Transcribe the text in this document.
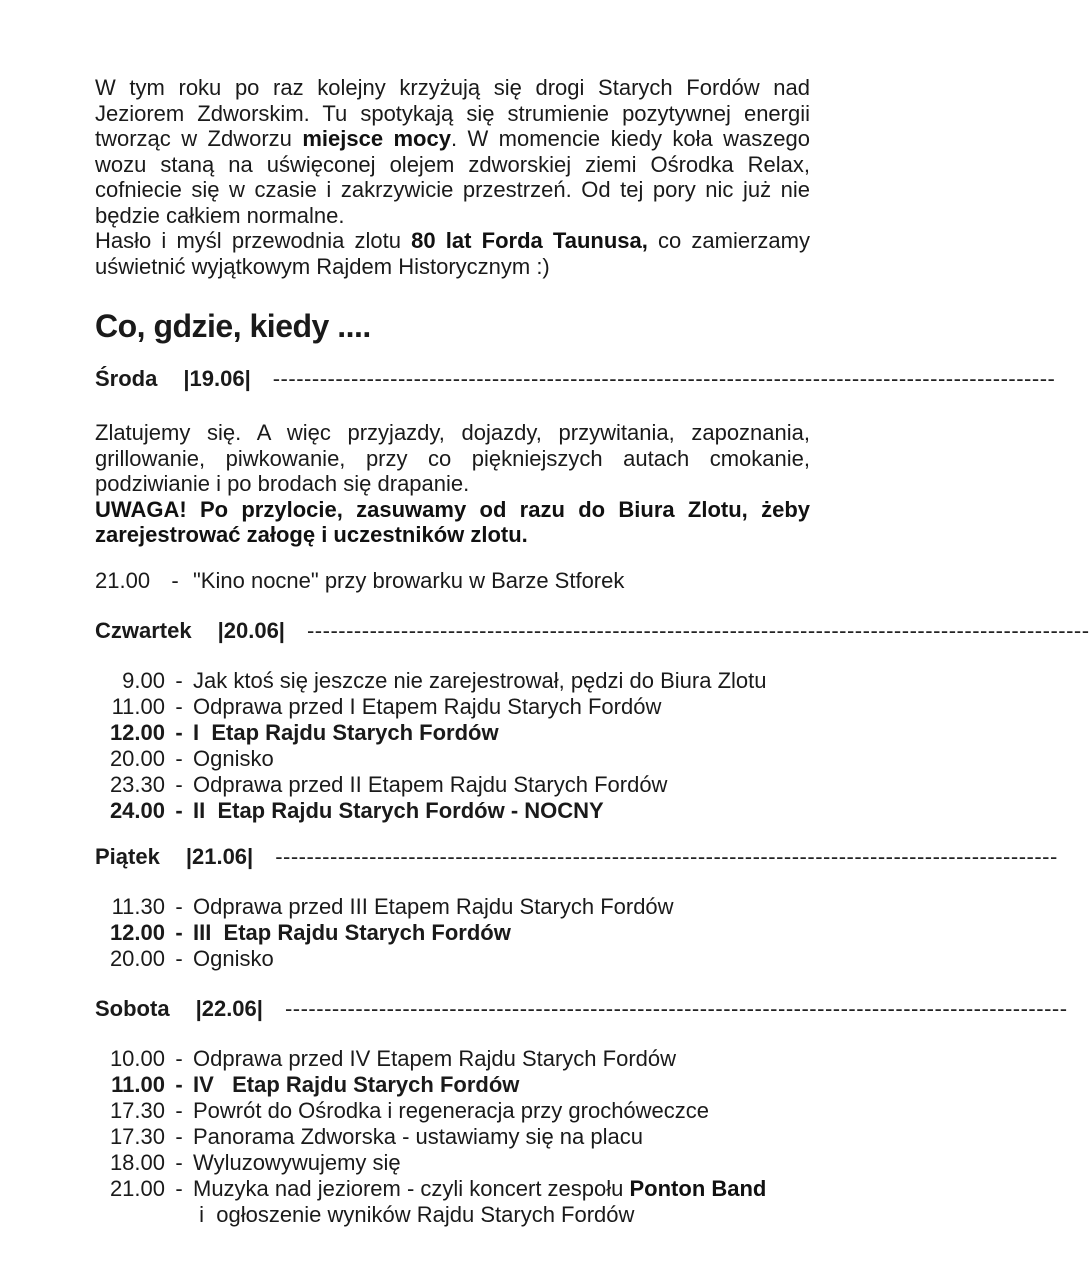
W tym roku po raz kolejny krzyżują się drogi Starych Fordów nad Jeziorem Zdworskim. Tu spotykają się strumienie pozytywnej energii tworząc w Zdworzu miejsce mocy. W momencie kiedy koła waszego wozu staną na uświęconej olejem zdworskiej ziemi Ośrodka Relax, cofniecie się w czasie i zakrzywicie przestrzeń. Od tej pory nic już nie będzie całkiem normalne.

Hasło i myśl przewodnia zlotu 80 lat Forda Taunusa, co zamierzamy uświetnić wyjątkowym Rajdem Historycznym :)

Co, gdzie, kiedy ....
Środa |19.06| ----------------------------------------------------------------------------------------------------

Zlatujemy się. A więc przyjazdy, dojazdy, przywitania, zapoznania, grillowanie, piwkowanie, przy co piękniejszych autach cmokanie, podziwianie i po brodach się drapanie.

UWAGA! Po przylocie, zasuwamy od razu do Biura Zlotu, żeby zarejestrować załogę i uczestników zlotu.

21.00 - "Kino nocne" przy browarku w Barze Stforek
Czwartek |20.06| ----------------------------------------------------------------------------------------------------
9.00 - Jak ktoś się jeszcze nie zarejestrował, pędzi do Biura Zlotu
11.00 - Odprawa przed I Etapem Rajdu Starych Fordów
12.00 - I  Etap Rajdu Starych Fordów
20.00 - Ognisko
23.30 - Odprawa przed II Etapem Rajdu Starych Fordów
24.00 - II  Etap Rajdu Starych Fordów - NOCNY
Piątek |21.06| ----------------------------------------------------------------------------------------------------
11.30 - Odprawa przed III Etapem Rajdu Starych Fordów
12.00 - III  Etap Rajdu Starych Fordów
20.00 - Ognisko
Sobota |22.06| ----------------------------------------------------------------------------------------------------
10.00 - Odprawa przed IV Etapem Rajdu Starych Fordów
11.00 - IV   Etap Rajdu Starych Fordów
17.30 - Powrót do Ośrodka i regeneracja przy grochóweczce
17.30 - Panorama Zdworska - ustawiamy się na placu
18.00 - Wyluzowywujemy się
21.00 - Muzyka nad jeziorem - czyli koncert zespołu Ponton Band
i  ogłoszenie wyników Rajdu Starych Fordów
